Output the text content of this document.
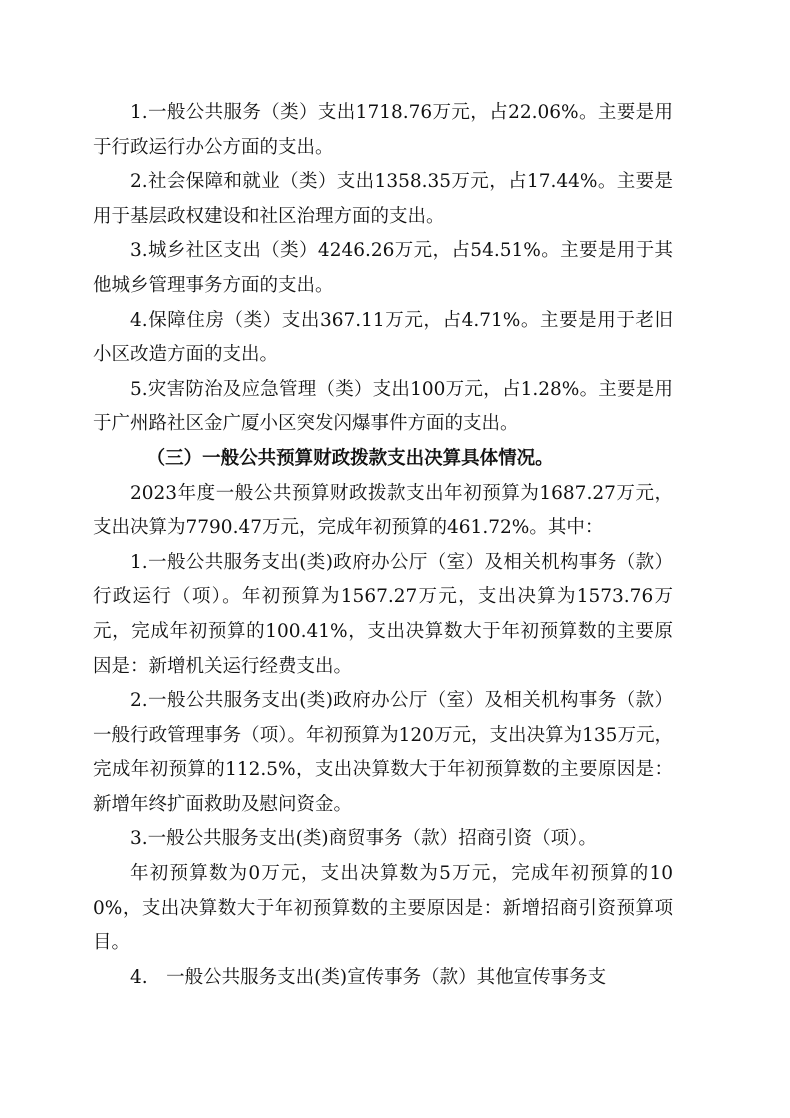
1.一般公共服务（类）支出1718.76万元，占22.06%。主要是用于行政运行办公方面的支出。

2.社会保障和就业（类）支出1358.35万元，占17.44%。主要是用于基层政权建设和社区治理方面的支出。

3.城乡社区支出（类）4246.26万元，占54.51%。主要是用于其他城乡管理事务方面的支出。

4.保障住房（类）支出367.11万元，占4.71%。主要是用于老旧小区改造方面的支出。

5.灾害防治及应急管理（类）支出100万元，占1.28%。主要是用于广州路社区金广厦小区突发闪爆事件方面的支出。

（三）一般公共预算财政拨款支出决算具体情况。

2023年度一般公共预算财政拨款支出年初预算为1687.27万元，支出决算为7790.47万元，完成年初预算的461.72%。其中：

1.一般公共服务支出(类)政府办公厅（室）及相关机构事务（款）行政运行（项）。年初预算为1567.27万元，支出决算为1573.76万元，完成年初预算的100.41%，支出决算数大于年初预算数的主要原因是：新增机关运行经费支出。

2.一般公共服务支出(类)政府办公厅（室）及相关机构事务（款）一般行政管理事务（项）。年初预算为120万元，支出决算为135万元，完成年初预算的112.5%，支出决算数大于年初预算数的主要原因是：新增年终扩面救助及慰问资金。

3.一般公共服务支出(类)商贸事务（款）招商引资（项）。

年初预算数为0万元，支出决算数为5万元，完成年初预算的100%，支出决算数大于年初预算数的主要原因是：新增招商引资预算项目。

4.　一般公共服务支出(类)宣传事务（款）其他宣传事务支
